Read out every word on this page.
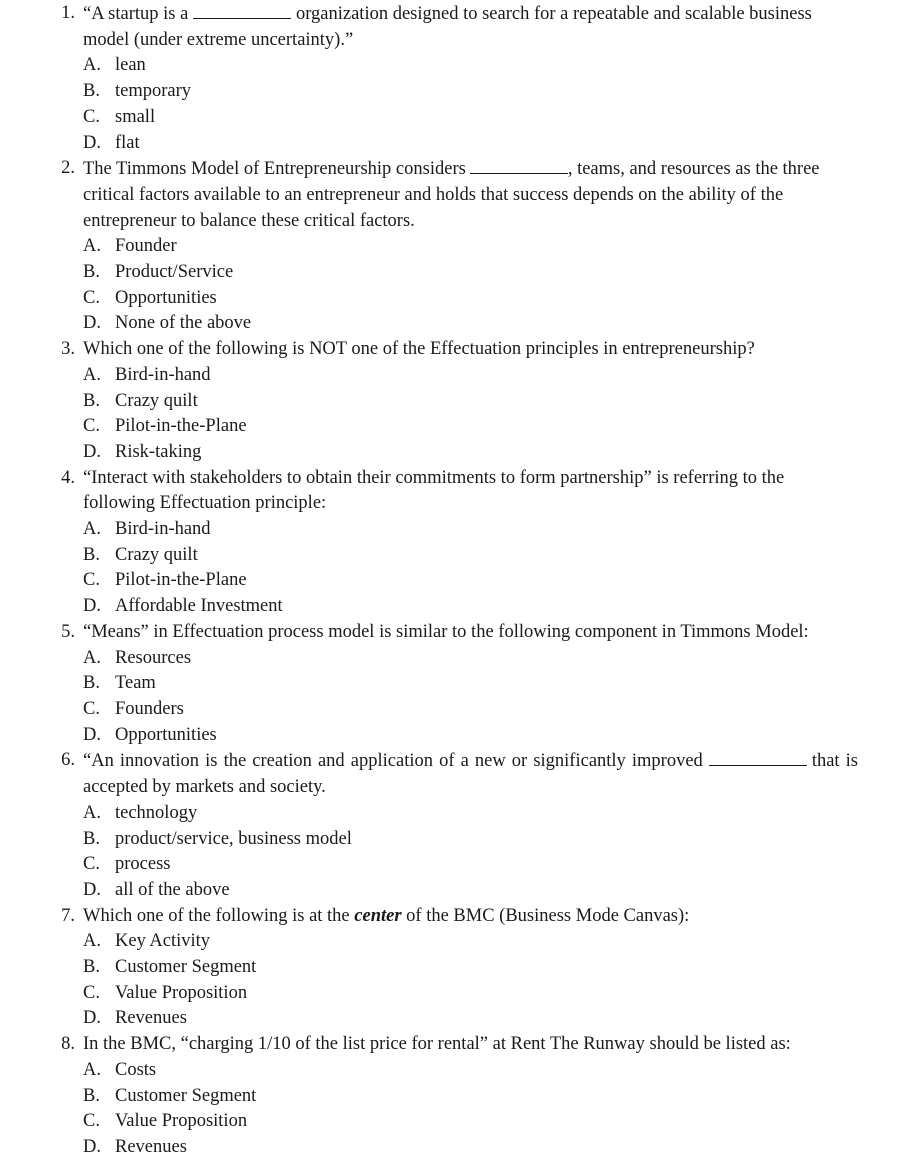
1. “A startup is a	organization designed to search for a repeatable and scalable business model (under extreme uncertainty).”
A. lean
B. temporary
C. small
D. flat
2. The Timmons Model of Entrepreneurship considers	, teams, and resources as the three critical factors available to an entrepreneur and holds that success depends on the ability of the entrepreneur to balance these critical factors.
A. Founder
B. Product/Service
C. Opportunities
D. None of the above
3. Which one of the following is NOT one of the Effectuation principles in entrepreneurship?
A. Bird-in-hand
B. Crazy quilt
C. Pilot-in-the-Plane
D. Risk-taking
4. “Interact with stakeholders to obtain their commitments to form partnership” is referring to the following Effectuation principle:
A. Bird-in-hand
B. Crazy quilt
C. Pilot-in-the-Plane
D. Affordable Investment
5. “Means” in Effectuation process model is similar to the following component in Timmons Model:
A. Resources
B. Team
C. Founders
D. Opportunities
6. “An innovation is the creation and application of a new or significantly improved	that is accepted by markets and society.
A. technology
B. product/service, business model
C. process
D. all of the above
7. Which one of the following is at the center of the BMC (Business Mode Canvas):
A. Key Activity
B. Customer Segment
C. Value Proposition
D. Revenues
8. In the BMC, “charging 1/10 of the list price for rental” at Rent The Runway should be listed as:
A. Costs
B. Customer Segment
C. Value Proposition
D. Revenues
